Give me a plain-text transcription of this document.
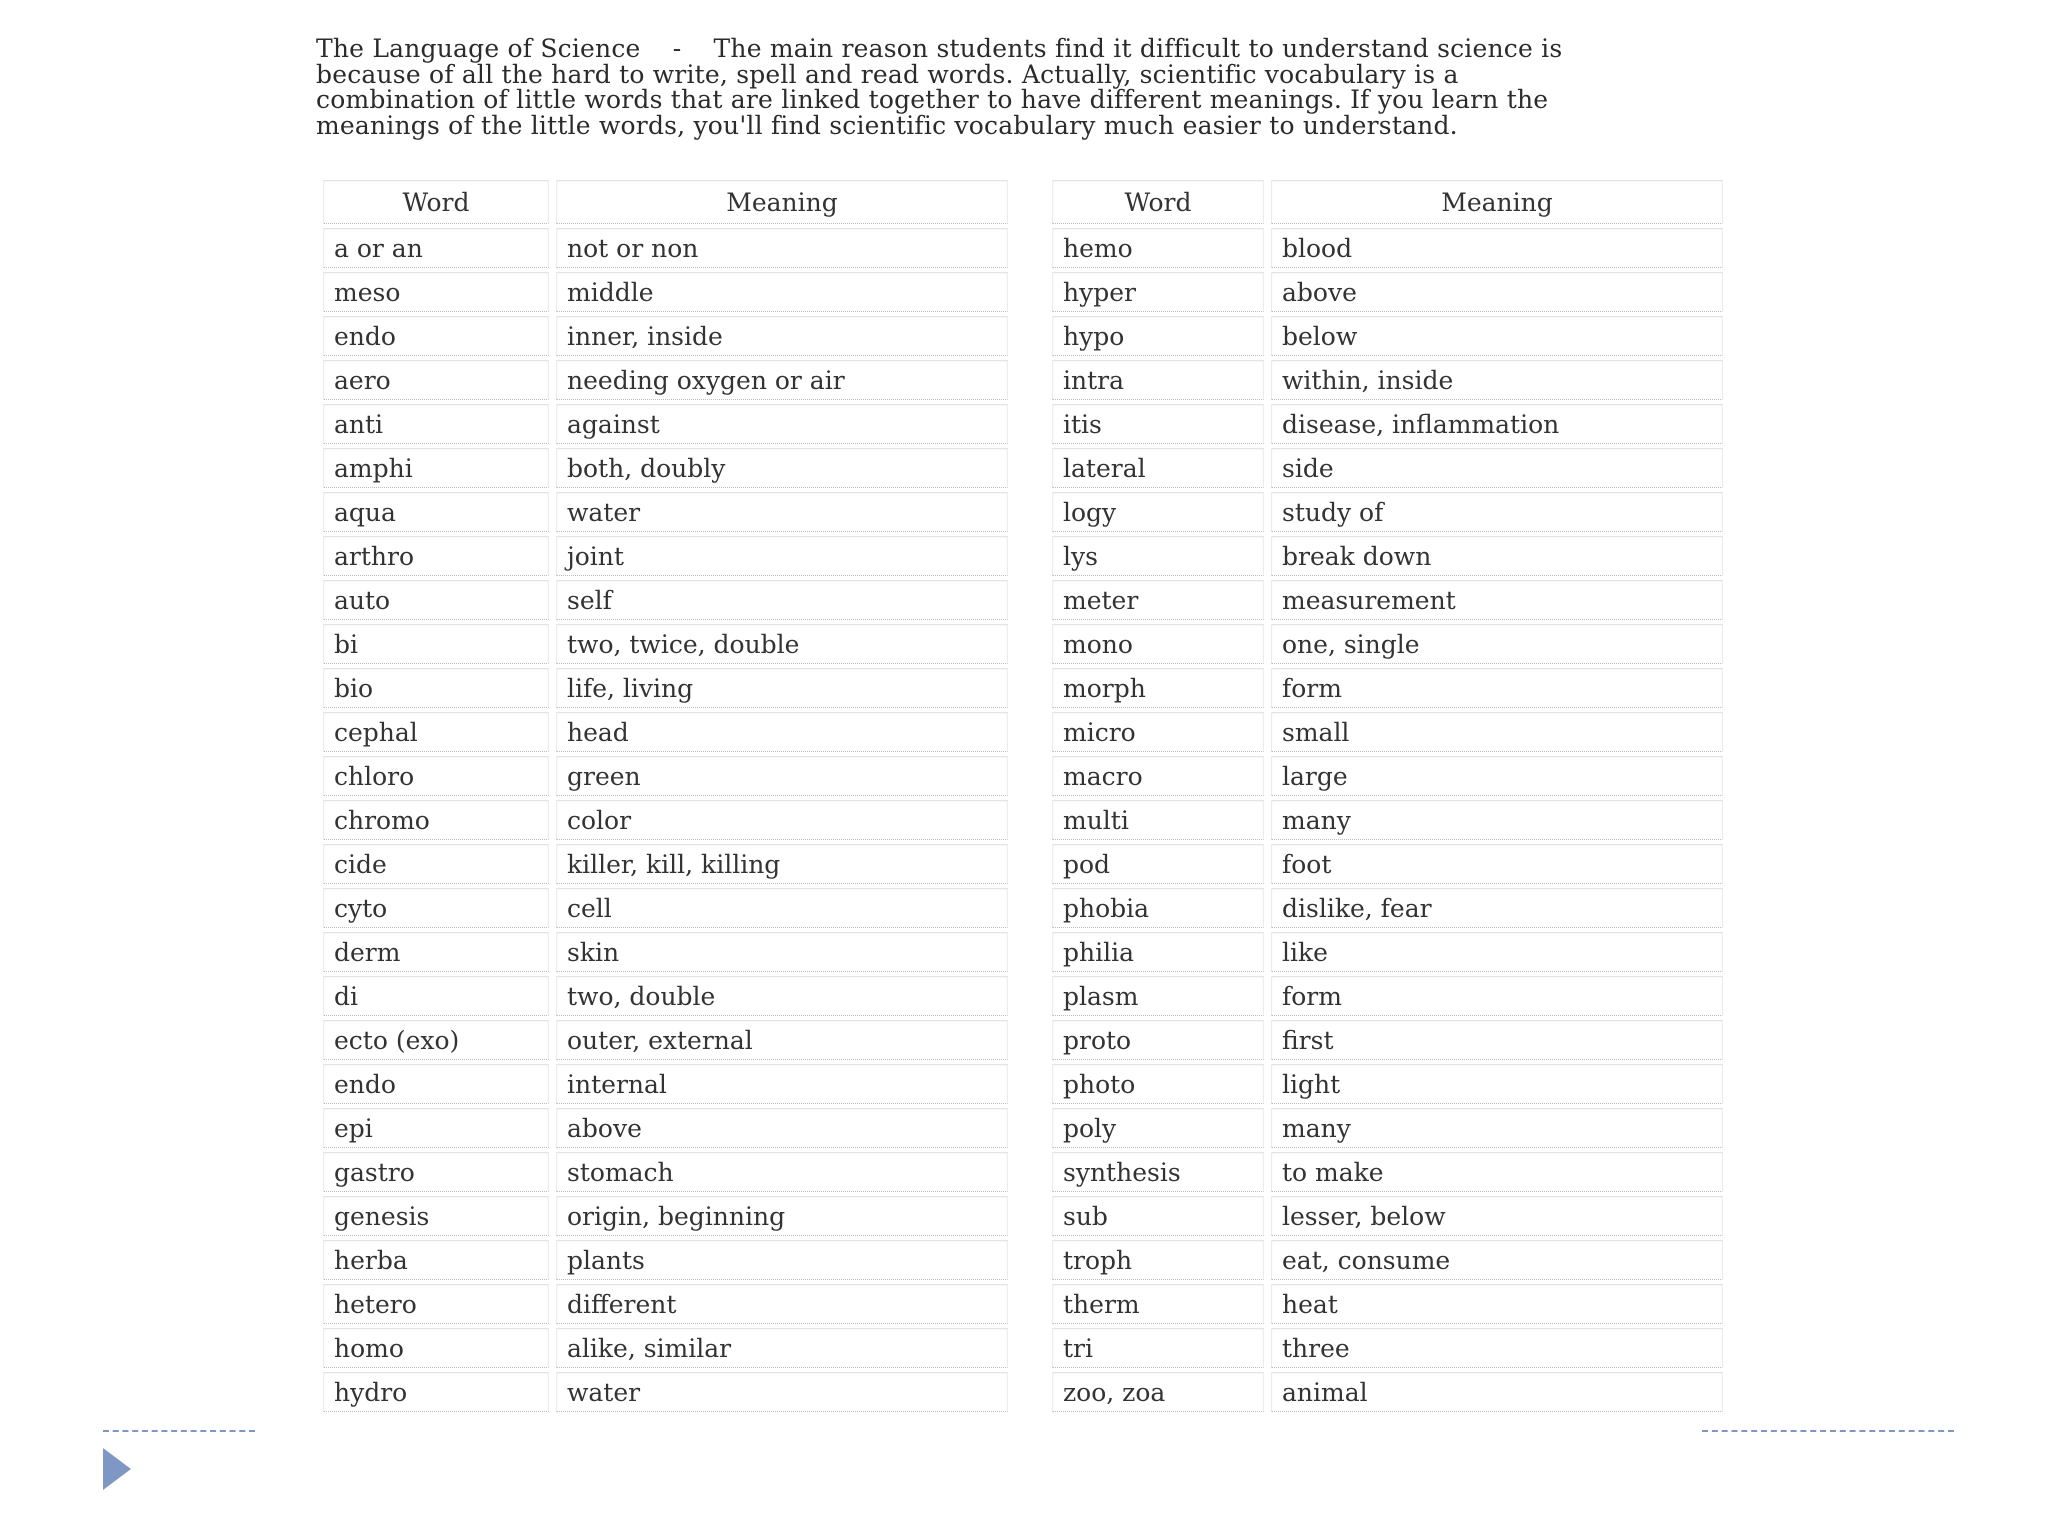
The Language of Science - The main reason students find it difficult to understand science is because of all the hard to write, spell and read words. Actually, scientific vocabulary is a combination of little words that are linked together to have different meanings. If you learn the meanings of the little words, you'll find scientific vocabulary much easier to understand.
Word	Meaning
a or an	not or non
meso	middle
endo	inner, inside
aero	needing oxygen or air
anti	against
amphi	both, doubly
aqua	water
arthro	joint
auto	self
bi	two, twice, double
bio	life, living
cephal	head
chloro	green
chromo	color
cide	killer, kill, killing
cyto	cell
derm	skin
di	two, double
ecto (exo)	outer, external
endo	internal
epi	above
gastro	stomach
genesis	origin, beginning
herba	plants
hetero	different
homo	alike, similar
hydro	water
Word	Meaning
hemo	blood
hyper	above
hypo	below
intra	within, inside
itis	disease, inflammation
lateral	side
logy	study of
lys	break down
meter	measurement
mono	one, single
morph	form
micro	small
macro	large
multi	many
pod	foot
phobia	dislike, fear
philia	like
plasm	form
proto	first
photo	light
poly	many
synthesis	to make
sub	lesser, below
troph	eat, consume
therm	heat
tri	three
zoo, zoa	animal
